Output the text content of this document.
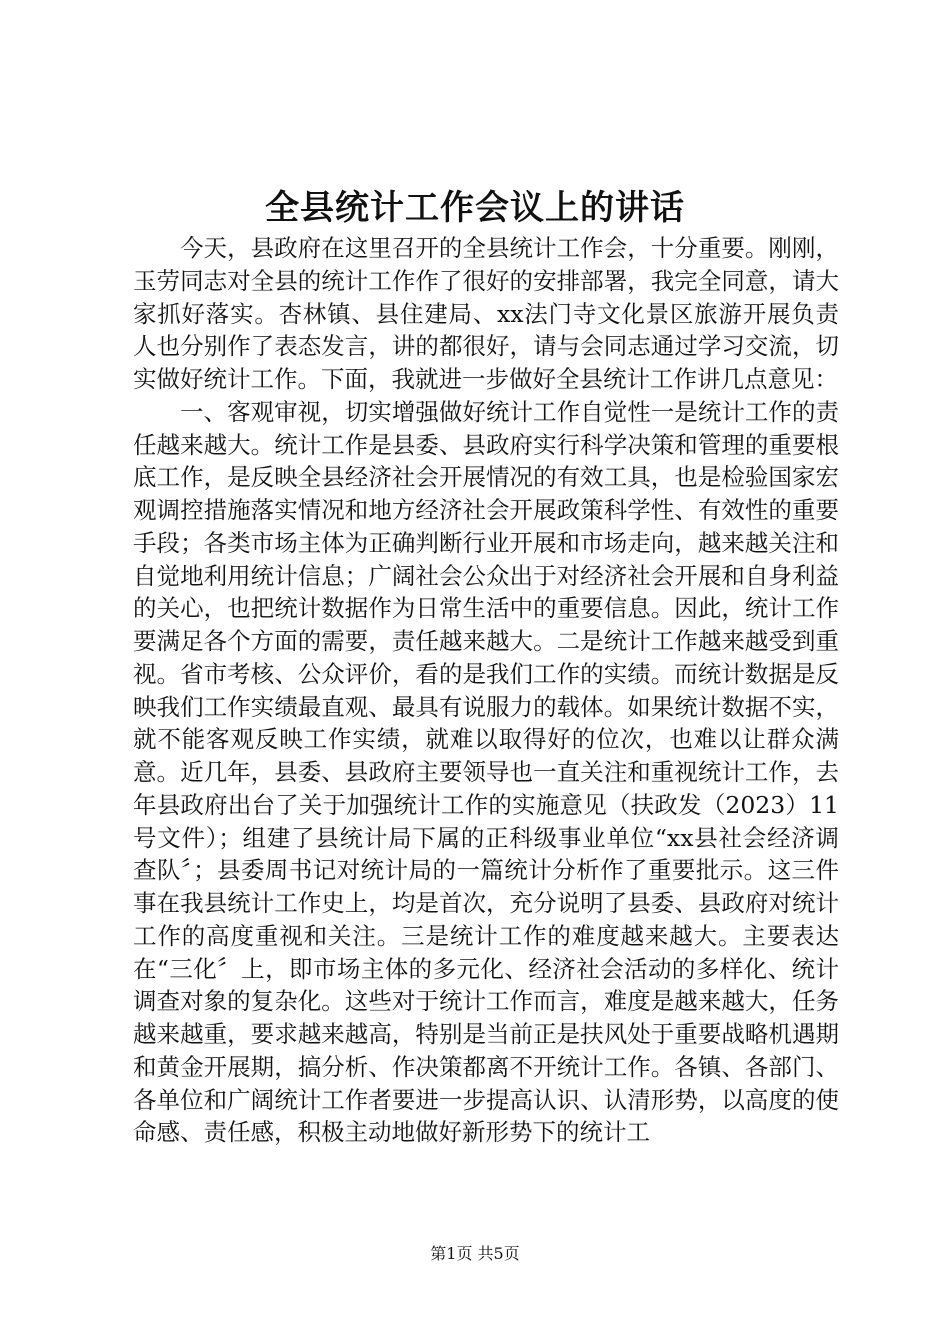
全县统计工作会议上的讲话

今天，县政府在这里召开的全县统计工作会，十分重要。刚刚，玉劳同志对全县的统计工作作了很好的安排部署，我完全同意，请大家抓好落实。杏林镇、县住建局、xx法门寺文化景区旅游开展负责人也分别作了表态发言，讲的都很好，请与会同志通过学习交流，切实做好统计工作。下面，我就进一步做好全县统计工作讲几点意见：

一、客观审视，切实增强做好统计工作自觉性一是统计工作的责任越来越大。统计工作是县委、县政府实行科学决策和管理的重要根底工作，是反映全县经济社会开展情况的有效工具，也是检验国家宏观调控措施落实情况和地方经济社会开展政策科学性、有效性的重要手段；各类市场主体为正确判断行业开展和市场走向，越来越关注和自觉地利用统计信息；广阔社会公众出于对经济社会开展和自身利益的关心，也把统计数据作为日常生活中的重要信息。因此，统计工作要满足各个方面的需要，责任越来越大。二是统计工作越来越受到重视。省市考核、公众评价，看的是我们工作的实绩。而统计数据是反映我们工作实绩最直观、最具有说服力的载体。如果统计数据不实，就不能客观反映工作实绩，就难以取得好的位次，也难以让群众满意。近几年，县委、县政府主要领导也一直关注和重视统计工作，去年县政府出台了关于加强统计工作的实施意见（扶政发（2023）11号文件）；组建了县统计局下属的正科级事业单位“xx县社会经济调查队〞；县委周书记对统计局的一篇统计分析作了重要批示。这三件事在我县统计工作史上，均是首次，充分说明了县委、县政府对统计工作的高度重视和关注。三是统计工作的难度越来越大。主要表达在“三化〞上，即市场主体的多元化、经济社会活动的多样化、统计调查对象的复杂化。这些对于统计工作而言，难度是越来越大，任务越来越重，要求越来越高，特别是当前正是扶风处于重要战略机遇期和黄金开展期，搞分析、作决策都离不开统计工作。各镇、各部门、各单位和广阔统计工作者要进一步提高认识、认清形势，以高度的使命感、责任感，积极主动地做好新形势下的统计工

第1页 共5页
